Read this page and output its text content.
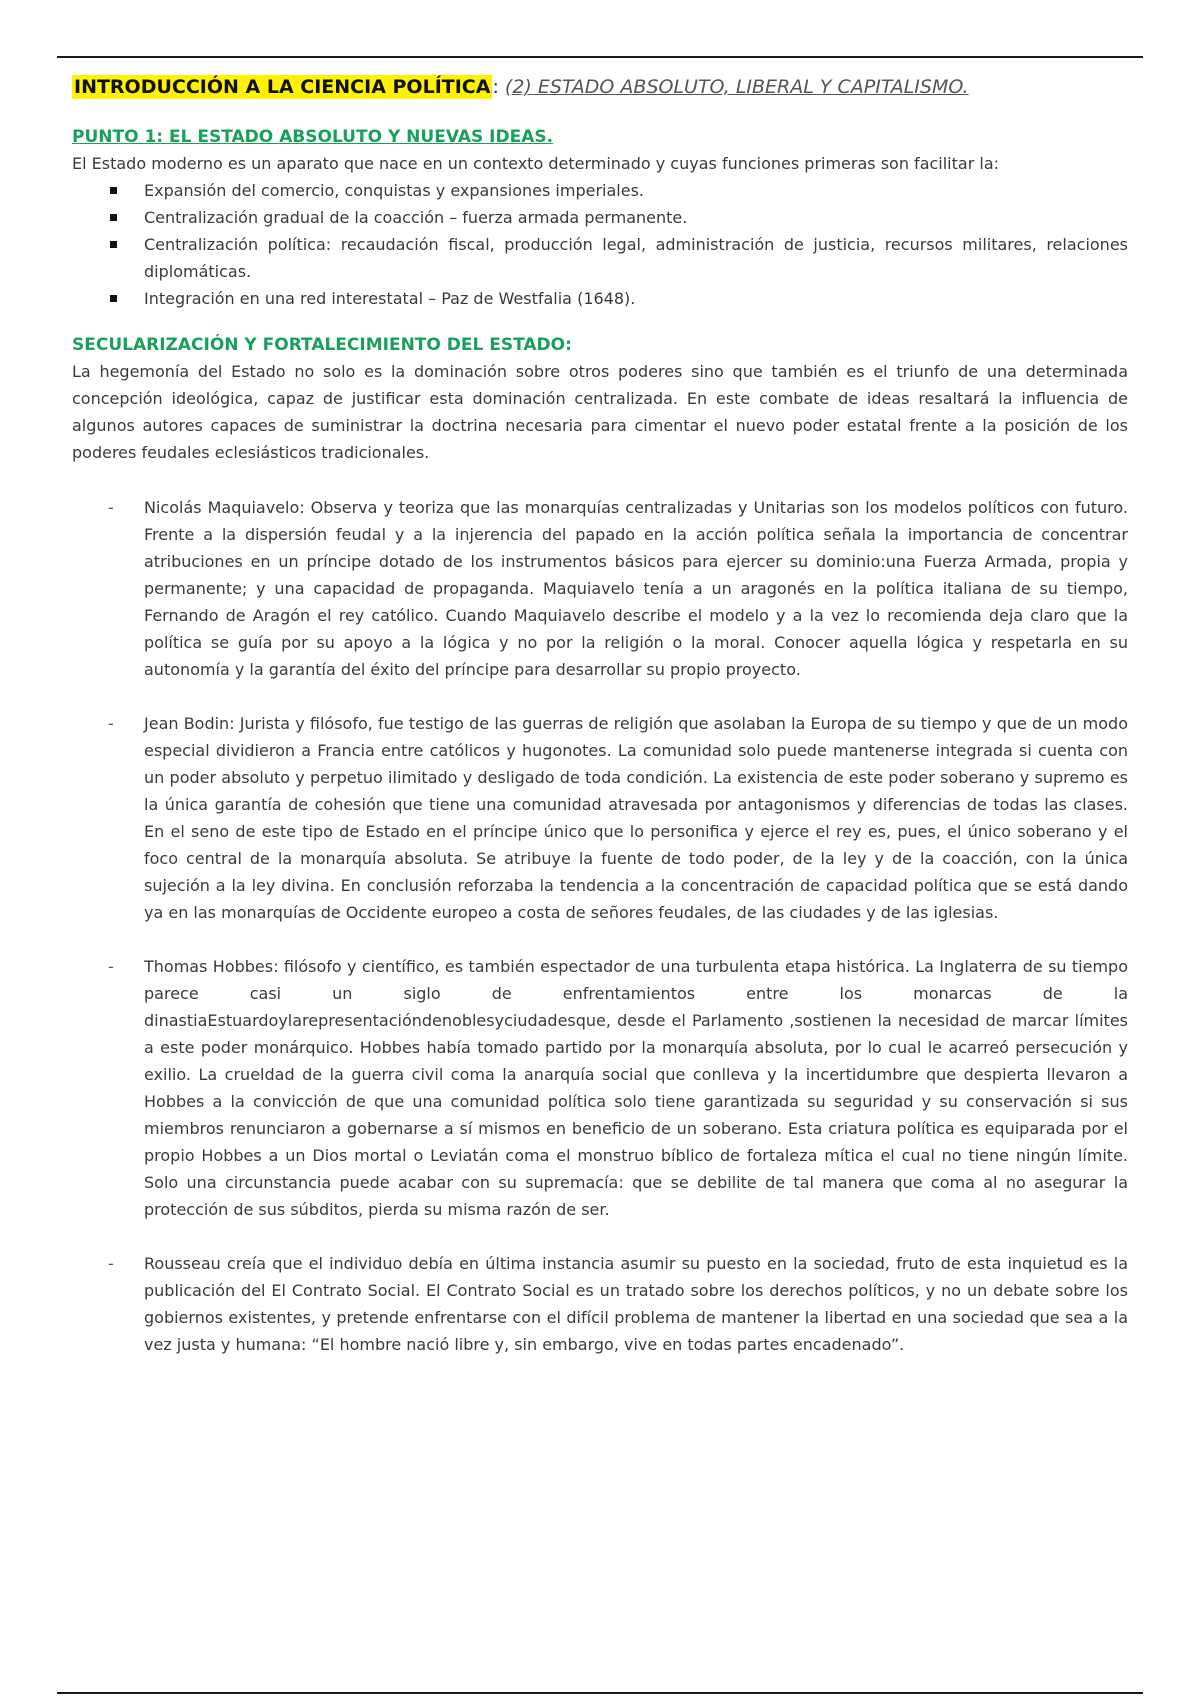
INTRODUCCIÓN A LA CIENCIA POLÍTICA : (2) ESTADO ABSOLUTO, LIBERAL Y CAPITALISMO.

PUNTO 1: EL ESTADO ABSOLUTO Y NUEVAS IDEAS.

El Estado moderno es un aparato que nace en un contexto determinado y cuyas funciones primeras son facilitar la:

Expansión del comercio, conquistas y expansiones imperiales.
Centralización gradual de la coacción – fuerza armada permanente.
Centralización política: recaudación fiscal, producción legal, administración de justicia, recursos militares, relaciones diplomáticas.
Integración en una red interestatal – Paz de Westfalia (1648).

SECULARIZACIÓN Y FORTALECIMIENTO DEL ESTADO:

La hegemonía del Estado no solo es la dominación sobre otros poderes sino que también es el triunfo de una determinada concepción ideológica, capaz de justificar esta dominación centralizada. En este combate de ideas resaltará la influencia de algunos autores capaces de suministrar la doctrina necesaria para cimentar el nuevo poder estatal frente a la posición de los poderes feudales eclesiásticos tradicionales.

- Nicolás Maquiavelo: Observa y teoriza que las monarquías centralizadas y Unitarias son los modelos políticos con futuro. Frente a la dispersión feudal y a la injerencia del papado en la acción política señala la importancia de concentrar atribuciones en un príncipe dotado de los instrumentos básicos para ejercer su dominio:una Fuerza Armada, propia y permanente; y una capacidad de propaganda. Maquiavelo tenía a un aragonés en la política italiana de su tiempo, Fernando de Aragón el rey católico. Cuando Maquiavelo describe el modelo y a la vez lo recomienda deja claro que la política se guía por su apoyo a la lógica y no por la religión o la moral. Conocer aquella lógica y respetarla en su autonomía y la garantía del éxito del príncipe para desarrollar su propio proyecto.

- Jean Bodin: Jurista y filósofo, fue testigo de las guerras de religión que asolaban la Europa de su tiempo y que de un modo especial dividieron a Francia entre católicos y hugonotes. La comunidad solo puede mantenerse integrada si cuenta con un poder absoluto y perpetuo ilimitado y desligado de toda condición. La existencia de este poder soberano y supremo es la única garantía de cohesión que tiene una comunidad atravesada por antagonismos y diferencias de todas las clases. En el seno de este tipo de Estado en el príncipe único que lo personifica y ejerce el rey es, pues, el único soberano y el foco central de la monarquía absoluta. Se atribuye la fuente de todo poder, de la ley y de la coacción, con la única sujeción a la ley divina. En conclusión reforzaba la tendencia a la concentración de capacidad política que se está dando ya en las monarquías de Occidente europeo a costa de señores feudales, de las ciudades y de las iglesias.

- Thomas Hobbes: filósofo y científico, es también espectador de una turbulenta etapa histórica. La Inglaterra de su tiempo parece casi un siglo de enfrentamientos entre los monarcas de la dinastiaEstuardoylarepresentacióndenoblesyciudadesque, desde el Parlamento ,sostienen la necesidad de marcar límites a este poder monárquico. Hobbes había tomado partido por la monarquía absoluta, por lo cual le acarreó persecución y exilio. La crueldad de la guerra civil coma la anarquía social que conlleva y la incertidumbre que despierta llevaron a Hobbes a la convicción de que una comunidad política solo tiene garantizada su seguridad y su conservación si sus miembros renunciaron a gobernarse a sí mismos en beneficio de un soberano. Esta criatura política es equiparada por el propio Hobbes a un Dios mortal o Leviatán coma el monstruo bíblico de fortaleza mítica el cual no tiene ningún límite. Solo una circunstancia puede acabar con su supremacía: que se debilite de tal manera que coma al no asegurar la protección de sus súbditos, pierda su misma razón de ser.

- Rousseau creía que el individuo debía en última instancia asumir su puesto en la sociedad, fruto de esta inquietud es la publicación del El Contrato Social. El Contrato Social es un tratado sobre los derechos políticos, y no un debate sobre los gobiernos existentes, y pretende enfrentarse con el difícil problema de mantener la libertad en una sociedad que sea a la vez justa y humana: “El hombre nació libre y, sin embargo, vive en todas partes encadenado”.
